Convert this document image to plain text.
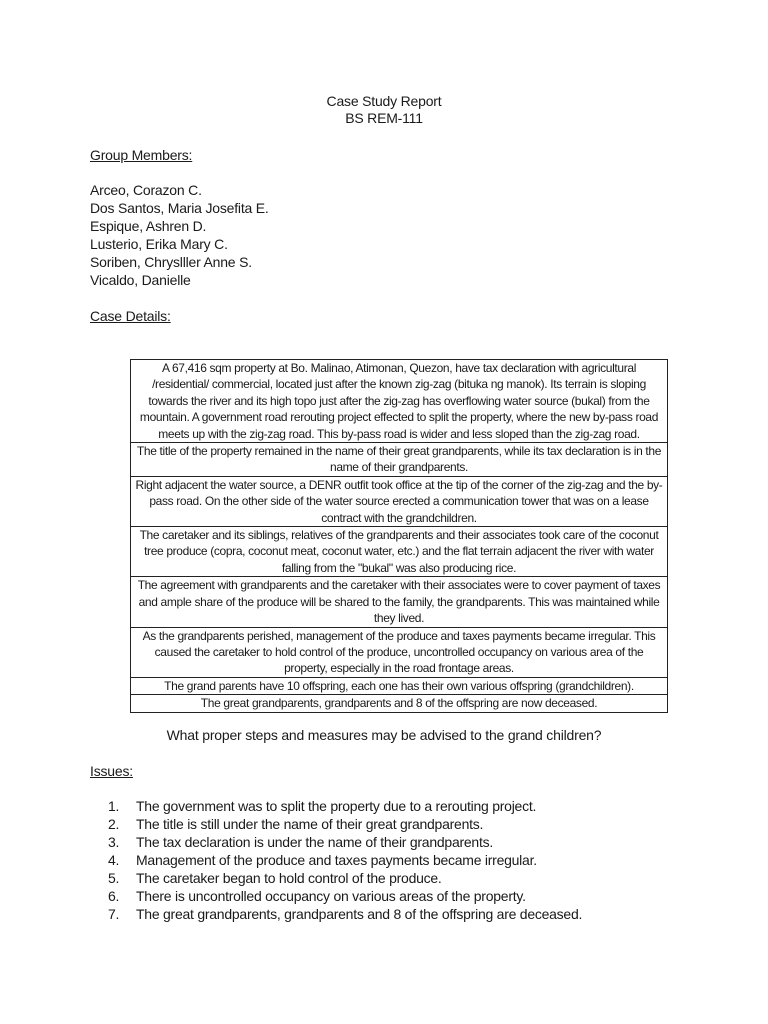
Case Study Report
BS REM-111
Group Members:
Arceo, Corazon C.
Dos Santos, Maria Josefita E.
Espique, Ashren D.
Lusterio, Erika Mary C.
Soriben, Chryslller Anne S.
Vicaldo, Danielle
Case Details:
A 67,416 sqm property at Bo. Malinao, Atimonan, Quezon, have tax declaration with agricultural /residential/ commercial, located just after the known zig-zag (bituka ng manok). Its terrain is sloping towards the river and its high topo just after the zig-zag has overflowing water source (bukal) from the mountain. A government road rerouting project effected to split the property, where the new by-pass road meets up with the zig-zag road. This by-pass road is wider and less sloped than the zig-zag road.
The title of the property remained in the name of their great grandparents, while its tax declaration is in the name of their grandparents.
Right adjacent the water source, a DENR outfit took office at the tip of the corner of the zig-zag and the by-pass road. On the other side of the water source erected a communication tower that was on a lease contract with the grandchildren.
The caretaker and its siblings, relatives of the grandparents and their associates took care of the coconut tree produce (copra, coconut meat, coconut water, etc.) and the flat terrain adjacent the river with water falling from the "bukal" was also producing rice.
The agreement with grandparents and the caretaker with their associates were to cover payment of taxes and ample share of the produce will be shared to the family, the grandparents. This was maintained while they lived.
As the grandparents perished, management of the produce and taxes payments became irregular. This caused the caretaker to hold control of the produce, uncontrolled occupancy on various area of the property, especially in the road frontage areas.
The grand parents have 10 offspring, each one has their own various offspring (grandchildren).
The great grandparents, grandparents and 8 of the offspring are now deceased.
What proper steps and measures may be advised to the grand children?
Issues:
1.	The government was to split the property due to a rerouting project.
2.	The title is still under the name of their great grandparents.
3.	The tax declaration is under the name of their grandparents.
4.	Management of the produce and taxes payments became irregular.
5.	The caretaker began to hold control of the produce.
6.	There is uncontrolled occupancy on various areas of the property.
7.	The great grandparents, grandparents and 8 of the offspring are deceased.
